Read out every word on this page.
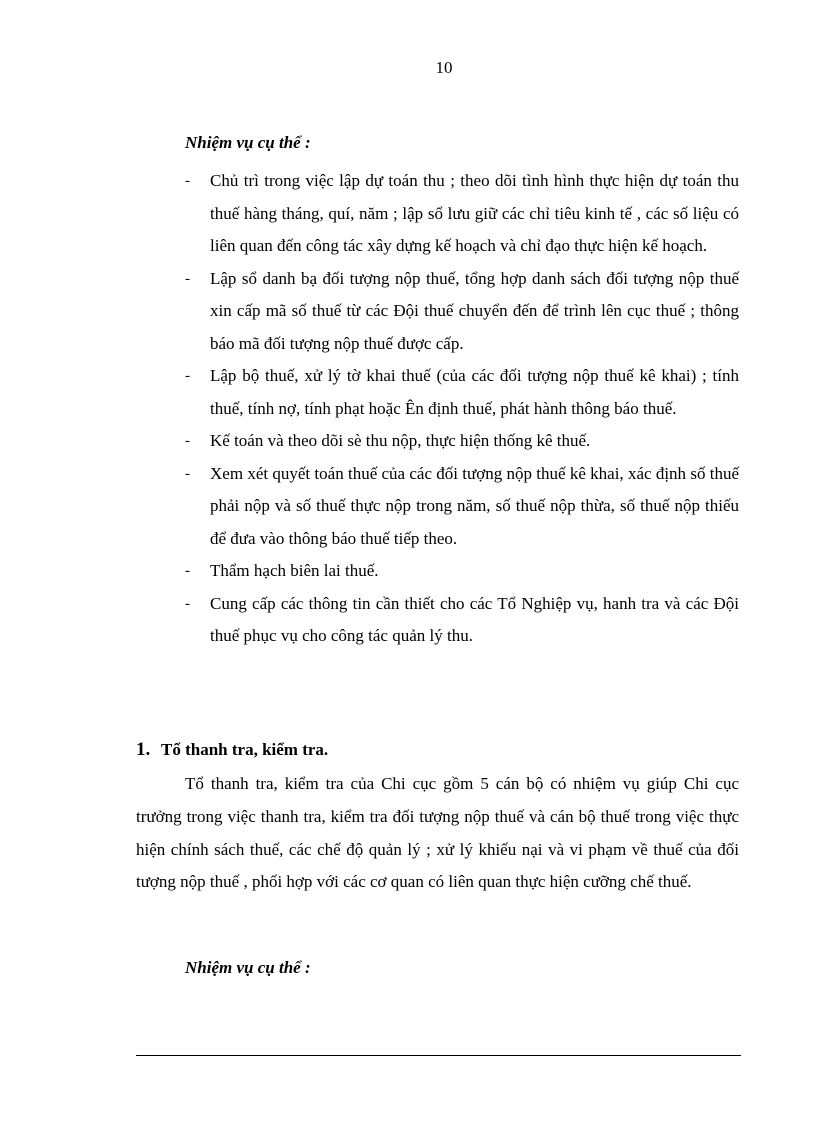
10
Nhiệm vụ cụ thể :
- Chủ trì trong việc lập dự toán thu ; theo dõi tình hình thực hiện dự toán thu thuế hàng tháng, quí, năm ; lập sổ lưu giữ các chỉ tiêu kinh tế , các số liệu có liên quan đến công tác xây dựng kế hoạch và chỉ đạo thực hiện kế hoạch.
- Lập sổ danh bạ đối tượng nộp thuế, tổng hợp danh sách đối tượng nộp thuế xin cấp mã số thuế từ các Đội thuế chuyển đến để trình lên cục thuế ; thông báo mã đối tượng nộp thuế được cấp.
- Lập bộ thuế, xử lý tờ khai thuế (của các đối tượng nộp thuế kê khai) ; tính thuế, tính nợ, tính phạt hoặc Ên định thuế, phát hành thông báo thuế.
- Kế toán và theo dõi sè thu nộp, thực hiện thống kê thuế.
- Xem xét quyết toán thuế của các đối tượng nộp thuế kê khai, xác định số thuế phải nộp và số thuế thực nộp trong năm, số thuế nộp thừa, số thuế nộp thiếu để đưa vào thông báo thuế tiếp theo.
- Thẩm hạch biên lai thuế.
- Cung cấp các thông tin cần thiết cho các Tổ Nghiệp vụ, hanh tra và các Đội thuế phục vụ cho công tác quản lý thu.
1. Tổ thanh tra, kiểm tra.

Tổ thanh tra, kiểm tra của Chi cục gồm 5 cán bộ có nhiệm vụ giúp Chi cục trưởng trong việc thanh tra, kiểm tra đối tượng nộp thuế và cán bộ thuế trong việc thực hiện chính sách thuế, các chế độ quản lý ; xử lý khiếu nại và vi phạm về thuế của đối tượng nộp thuế , phối hợp với các cơ quan có liên quan thực hiện cưỡng chế thuế.

Nhiệm vụ cụ thể :
